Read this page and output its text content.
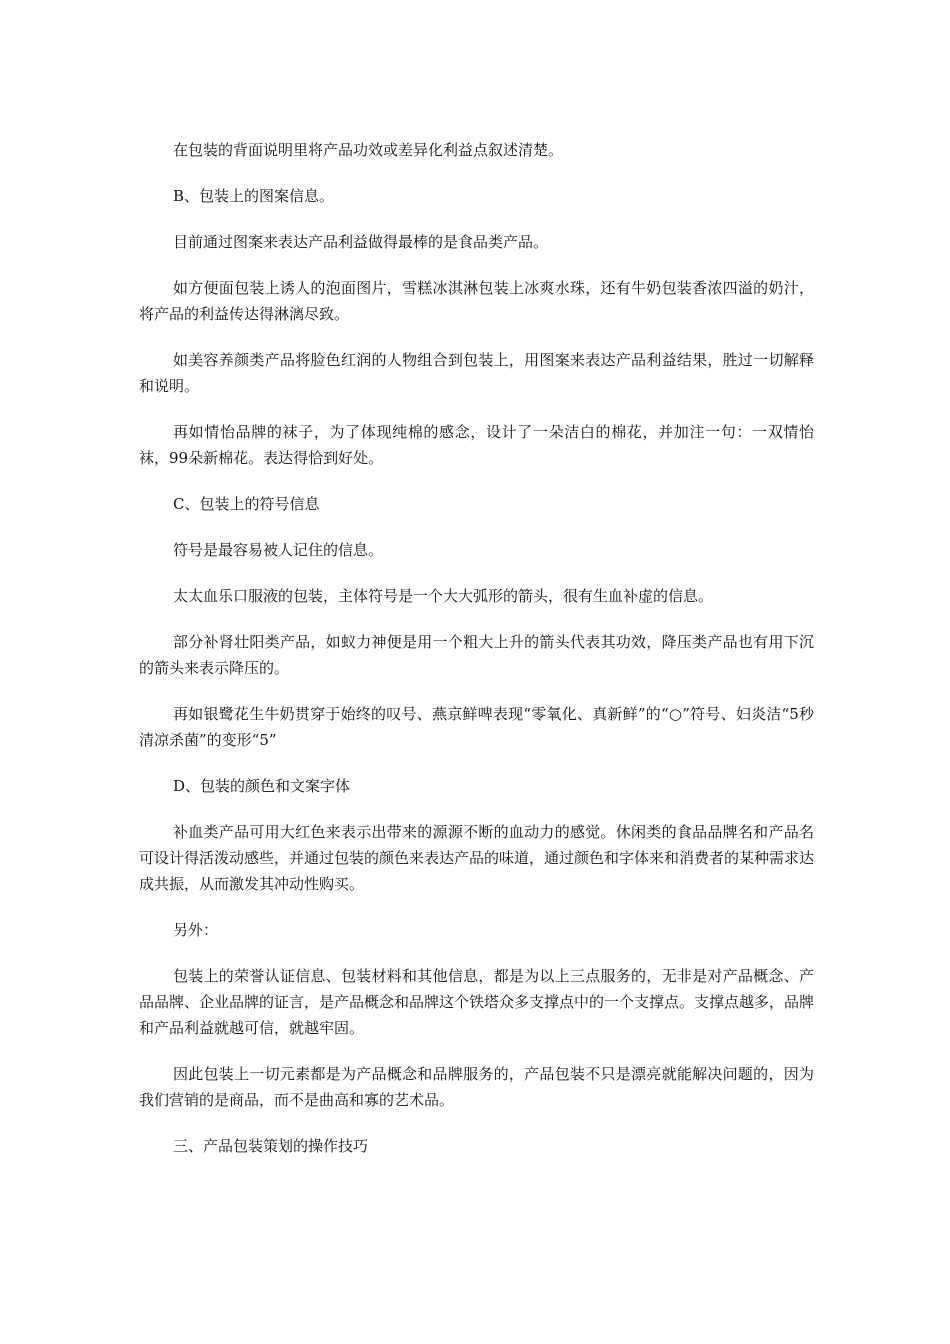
在包装的背面说明里将产品功效或差异化利益点叙述清楚。

B、包装上的图案信息。

目前通过图案来表达产品利益做得最棒的是食品类产品。

如方便面包装上诱人的泡面图片，雪糕冰淇淋包装上冰爽水珠，还有牛奶包装香浓四溢的奶汁，将产品的利益传达得淋漓尽致。

如美容养颜类产品将脸色红润的人物组合到包装上，用图案来表达产品利益结果，胜过一切解释和说明。

再如情怡品牌的袜子，为了体现纯棉的感念，设计了一朵洁白的棉花，并加注一句：一双情怡袜，99朵新棉花。表达得恰到好处。

C、包装上的符号信息

符号是最容易被人记住的信息。

太太血乐口服液的包装，主体符号是一个大大弧形的箭头，很有生血补虚的信息。

部分补肾壮阳类产品，如蚁力神便是用一个粗大上升的箭头代表其功效，降压类产品也有用下沉的箭头来表示降压的。

再如银鹭花生牛奶贯穿于始终的叹号、燕京鲜啤表现“零氧化、真新鲜”的“○”符号、妇炎洁“5秒清凉杀菌”的变形“5”

D、包装的颜色和文案字体

补血类产品可用大红色来表示出带来的源源不断的血动力的感觉。休闲类的食品品牌名和产品名可设计得活泼动感些，并通过包装的颜色来表达产品的味道，通过颜色和字体来和消费者的某种需求达成共振，从而激发其冲动性购买。

另外：

包装上的荣誉认证信息、包装材料和其他信息，都是为以上三点服务的，无非是对产品概念、产品品牌、企业品牌的证言，是产品概念和品牌这个铁塔众多支撑点中的一个支撑点。支撑点越多，品牌和产品利益就越可信，就越牢固。

因此包装上一切元素都是为产品概念和品牌服务的，产品包装不只是漂亮就能解决问题的，因为我们营销的是商品，而不是曲高和寡的艺术品。

三、产品包装策划的操作技巧
